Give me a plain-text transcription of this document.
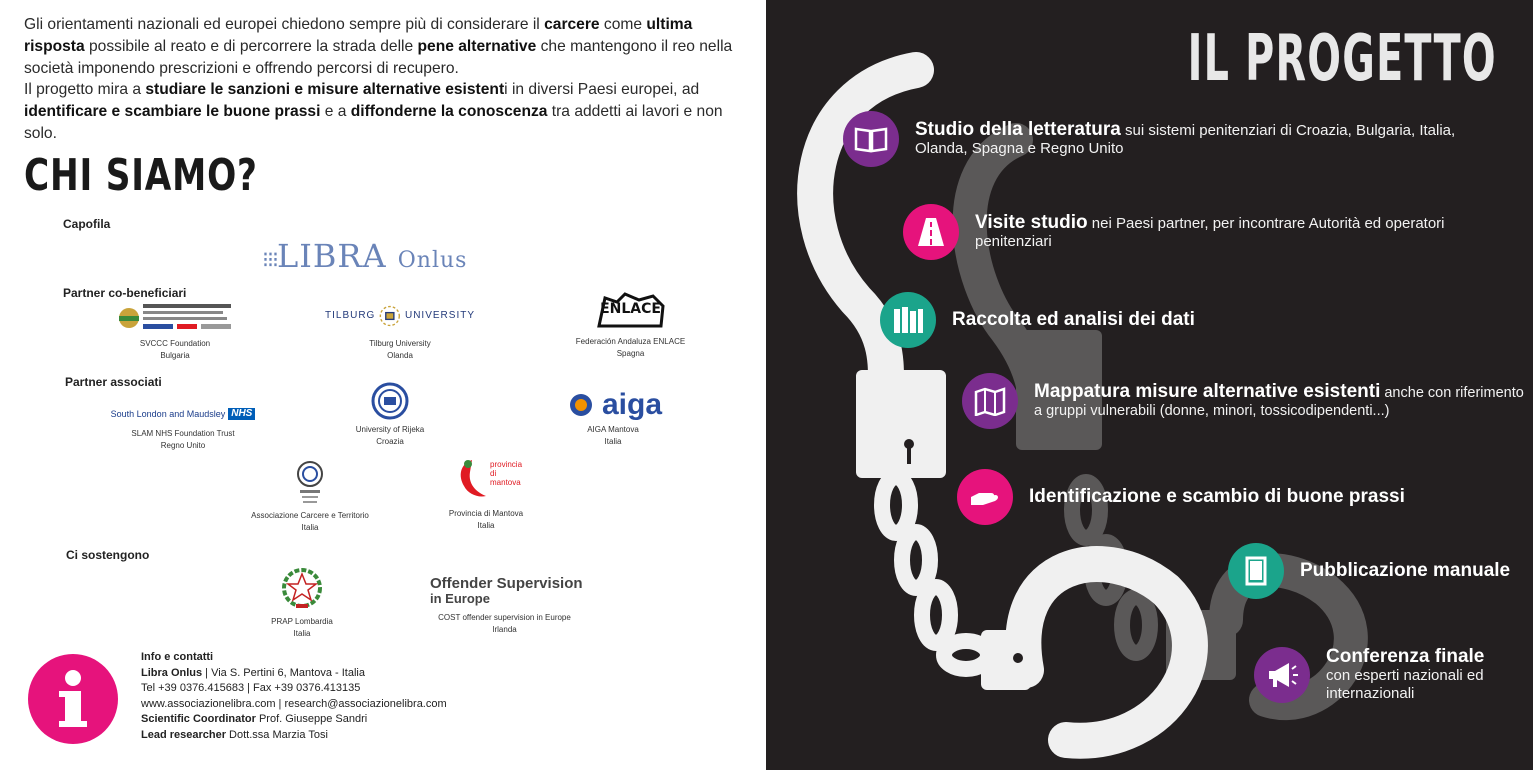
Gli orientamenti nazionali ed europei chiedono sempre più di considerare il carcere come ultima risposta possibile al reato e di percorrere la strada delle pene alternative che mantengono il reo nella società imponendo prescrizioni e offrendo percorsi di recupero.
Il progetto mira a studiare le sanzioni e misure alternative esistenti in diversi Paesi europei, ad identificare e scambiare le buone prassi e a diffonderne la conoscenza tra addetti ai lavori e non solo.
CHI SIAMO?
Capofila
⁝⁝⁝LIBRA Onlus
Partner co-beneficiari
SVCCC Foundation
Bulgaria
TILBURG	UNIVERSITY
Tilburg University
Olanda
ENLACE
Federación Andaluza ENLACE
Spagna
Partner associati
South London and Maudsley NHS
SLAM NHS Foundation Trust
Regno Unito
University of Rijeka
Croazia
aiga
AIGA Mantova
Italia
Associazione Carcere e Territorio
Italia
provincia
di mantova
Provincia di Mantova
Italia
Ci sostengono
PRAP Lombardia
Italia
Offender Supervision
in Europe
COST offender supervision in Europe
Irlanda
Info e contatti
Libra Onlus | Via S. Pertini 6, Mantova - Italia
Tel +39 0376.415683 | Fax +39 0376.413135
www.associazionelibra.com | research@associazionelibra.com
Scientific Coordinator Prof. Giuseppe Sandri
Lead researcher Dott.ssa Marzia Tosi
IL PROGETTO
Studio della letteratura sui sistemi penitenziari di Croazia, Bulgaria, Italia, Olanda, Spagna e Regno Unito
Visite studio nei Paesi partner, per incontrare Autorità ed operatori penitenziari
Raccolta ed analisi dei dati
Mappatura misure alternative esistenti anche con riferimento a gruppi vulnerabili (donne, minori, tossicodipendenti...)
Identificazione e scambio di buone prassi
Pubblicazione manuale
Conferenza finale
con esperti nazionali ed internazionali
